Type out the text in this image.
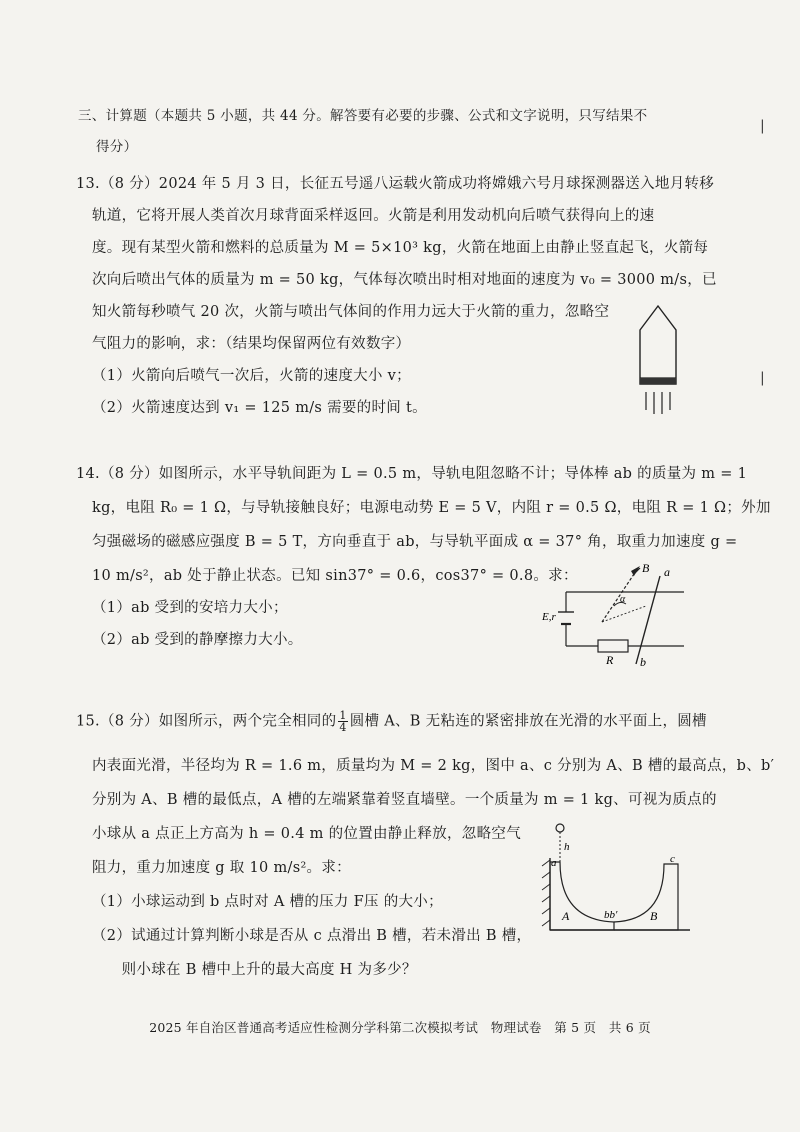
三、计算题（本题共 5 小题，共 44 分。解答要有必要的步骤、公式和文字说明，只写结果不
得分）
13.（8 分）2024 年 5 月 3 日，长征五号遥八运载火箭成功将嫦娥六号月球探测器送入地月转移
轨道，它将开展人类首次月球背面采样返回。火箭是利用发动机向后喷气获得向上的速
度。现有某型火箭和燃料的总质量为 M = 5×10³ kg，火箭在地面上由静止竖直起飞，火箭每
次向后喷出气体的质量为 m = 50 kg，气体每次喷出时相对地面的速度为 v₀ = 3000 m/s，已
知火箭每秒喷气 20 次，火箭与喷出气体间的作用力远大于火箭的重力，忽略空
气阻力的影响，求：（结果均保留两位有效数字）
（1）火箭向后喷气一次后，火箭的速度大小 v；
（2）火箭速度达到 v₁ = 125 m/s 需要的时间 t。
14.（8 分）如图所示，水平导轨间距为 L = 0.5 m，导轨电阻忽略不计；导体棒 ab 的质量为 m = 1
kg，电阻 R₀ = 1 Ω，与导轨接触良好；电源电动势 E = 5 V，内阻 r = 0.5 Ω，电阻 R = 1 Ω；外加
匀强磁场的磁感应强度 B = 5 T，方向垂直于 ab，与导轨平面成 α = 37° 角，取重力加速度 g =
10 m/s²，ab 处于静止状态。已知 sin37° = 0.6，cos37° = 0.8。求：
（1）ab 受到的安培力大小；
（2）ab 受到的静摩擦力大小。
B a
α
E,r
R b
15.（8 分）如图所示，两个完全相同的 $\frac{1}{4}$ 圆槽 A、B 无粘连的紧密排放在光滑的水平面上，圆槽
内表面光滑，半径均为 R = 1.6 m，质量均为 M = 2 kg，图中 a、c 分别为 A、B 槽的最高点，b、b′
分别为 A、B 槽的最低点，A 槽的左端紧靠着竖直墙壁。一个质量为 m = 1 kg、可视为质点的
小球从 a 点正上方高为 h = 0.4 m 的位置由静止释放，忽略空气
阻力，重力加速度 g 取 10 m/s²。求：
（1）小球运动到 b 点时对 A 槽的压力 F压 的大小；
（2）试通过计算判断小球是否从 c 点滑出 B 槽，若未滑出 B 槽，
　　则小球在 B 槽中上升的最大高度 H 为多少？
h
a	c
A	bb′	B
|
|
2025 年自治区普通高考适应性检测分学科第二次模拟考试　物理试卷　第 5 页　共 6 页
